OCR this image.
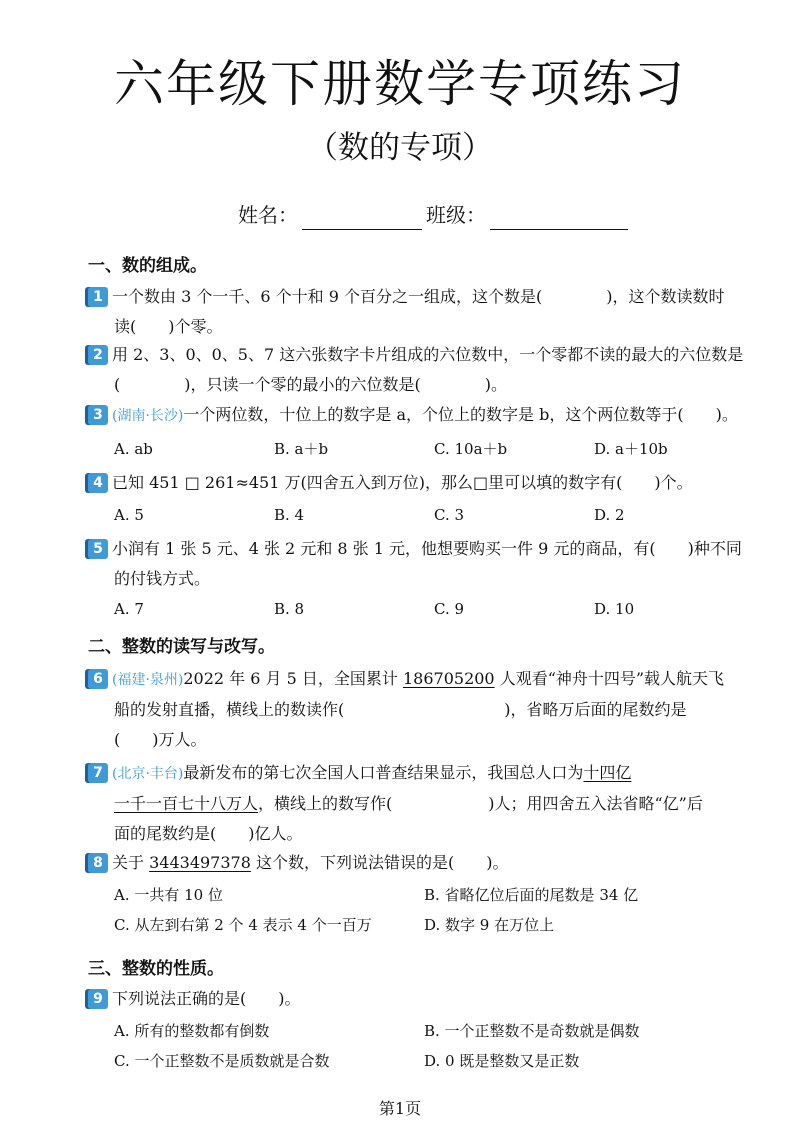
六年级下册数学专项练习
（数的专项）
姓名：	班级：
一、数的组成。
1 一个数由 3 个一千、6 个十和 9 个百分之一组成，这个数是(　　　　)，这个数读数时
读(　　)个零。
2 用 2、3、0、0、5、7 这六张数字卡片组成的六位数中，一个零都不读的最大的六位数是
(　　　　)，只读一个零的最小的六位数是(　　　　)。
3 (湖南·长沙)一个两位数，十位上的数字是 a，个位上的数字是 b，这个两位数等于(　　)。
A. ab	B. a＋b	C. 10a＋b	D. a＋10b
4 已知 451 □ 261≈451 万(四舍五入到万位)，那么□里可以填的数字有(　　)个。
A. 5	B. 4	C. 3	D. 2
5 小润有 1 张 5 元、4 张 2 元和 8 张 1 元，他想要购买一件 9 元的商品，有(　　)种不同
的付钱方式。
A. 7	B. 8	C. 9	D. 10
二、整数的读写与改写。
6 (福建·泉州)2022 年 6 月 5 日，全国累计 186705200 人观看“神舟十四号”载人航天飞
船的发射直播，横线上的数读作(　　　　　　　　　　)，省略万后面的尾数约是
(　　)万人。
7 (北京·丰台)最新发布的第七次全国人口普查结果显示，我国总人口为十四亿
一千一百七十八万人，横线上的数写作(　　　　　　)人；用四舍五入法省略“亿”后
面的尾数约是(　　)亿人。
8 关于 3443497378 这个数，下列说法错误的是(　　)。
A. 一共有 10 位	B. 省略亿位后面的尾数是 34 亿
C. 从左到右第 2 个 4 表示 4 个一百万	D. 数字 9 在万位上
三、整数的性质。
9 下列说法正确的是(　　)。
A. 所有的整数都有倒数	B. 一个正整数不是奇数就是偶数
C. 一个正整数不是质数就是合数	D. 0 既是整数又是正数
第1页
